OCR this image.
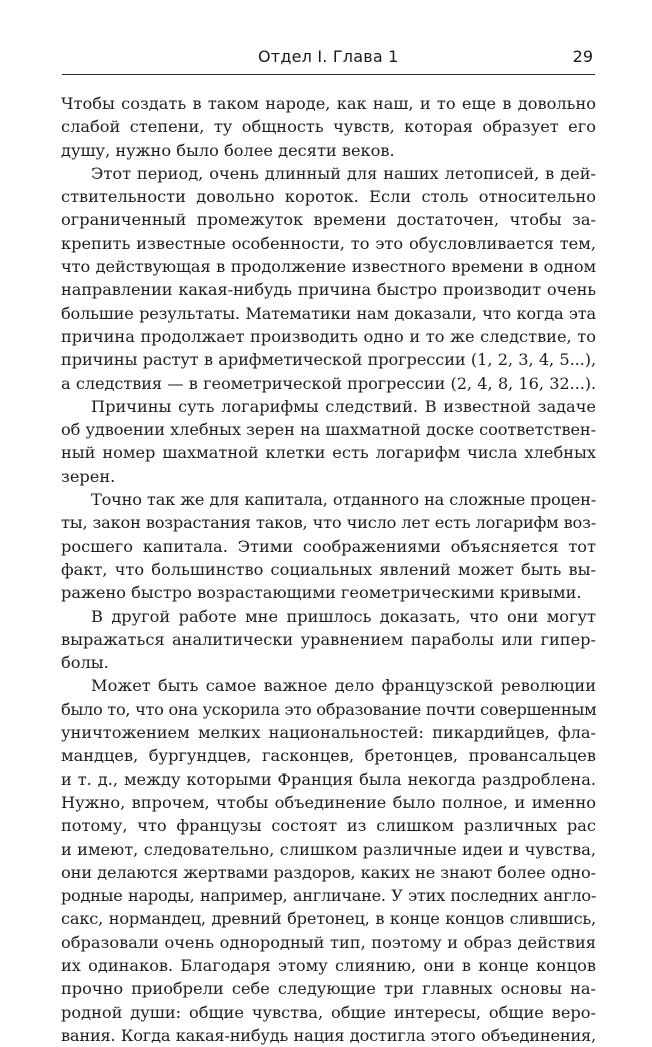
Отдел I. Глава 1	29
Чтобы создать в таком народе, как наш, и то еще в довольно
слабой степени, ту общность чувств, которая образует его
душу, нужно было более десяти веков.
Этот период, очень длинный для наших летописей, в дей-
ствительности довольно короток. Если столь относительно
ограниченный промежуток времени достаточен, чтобы за-
крепить известные особенности, то это обусловливается тем,
что действующая в продолжение известного времени в одном
направлении какая-нибудь причина быстро производит очень
большие результаты. Математики нам доказали, что когда эта
причина продолжает производить одно и то же следствие, то
причины растут в арифметической прогрессии (1, 2, 3, 4, 5...),
а следствия — в геометрической прогрессии (2, 4, 8, 16, 32...).
Причины суть логарифмы следствий. В известной задаче
об удвоении хлебных зерен на шахматной доске соответствен-
ный номер шахматной клетки есть логарифм числа хлебных
зерен.
Точно так же для капитала, отданного на сложные процен-
ты, закон возрастания таков, что число лет есть логарифм воз-
росшего капитала. Этими соображениями объясняется тот
факт, что большинство социальных явлений может быть вы-
ражено быстро возрастающими геометрическими кривыми.
В другой работе мне пришлось доказать, что они могут
выражаться аналитически уравнением параболы или гипер-
болы.
Может быть самое важное дело французской революции
было то, что она ускорила это образование почти совершенным
уничтожением мелких национальностей: пикардийцев, фла-
мандцев, бургундцев, гасконцев, бретонцев, провансальцев
и т. д., между которыми Франция была некогда раздроблена.
Нужно, впрочем, чтобы объединение было полное, и именно
потому, что французы состоят из слишком различных рас
и имеют, следовательно, слишком различные идеи и чувства,
они делаются жертвами раздоров, каких не знают более одно-
родные народы, например, англичане. У этих последних англо-
сакс, нормандец, древний бретонец, в конце концов слившись,
образовали очень однородный тип, поэтому и образ действия
их одинаков. Благодаря этому слиянию, они в конце концов
прочно приобрели себе следующие три главных основы на-
родной души: общие чувства, общие интересы, общие веро-
вания. Когда какая-нибудь нация достигла этого объединения,
